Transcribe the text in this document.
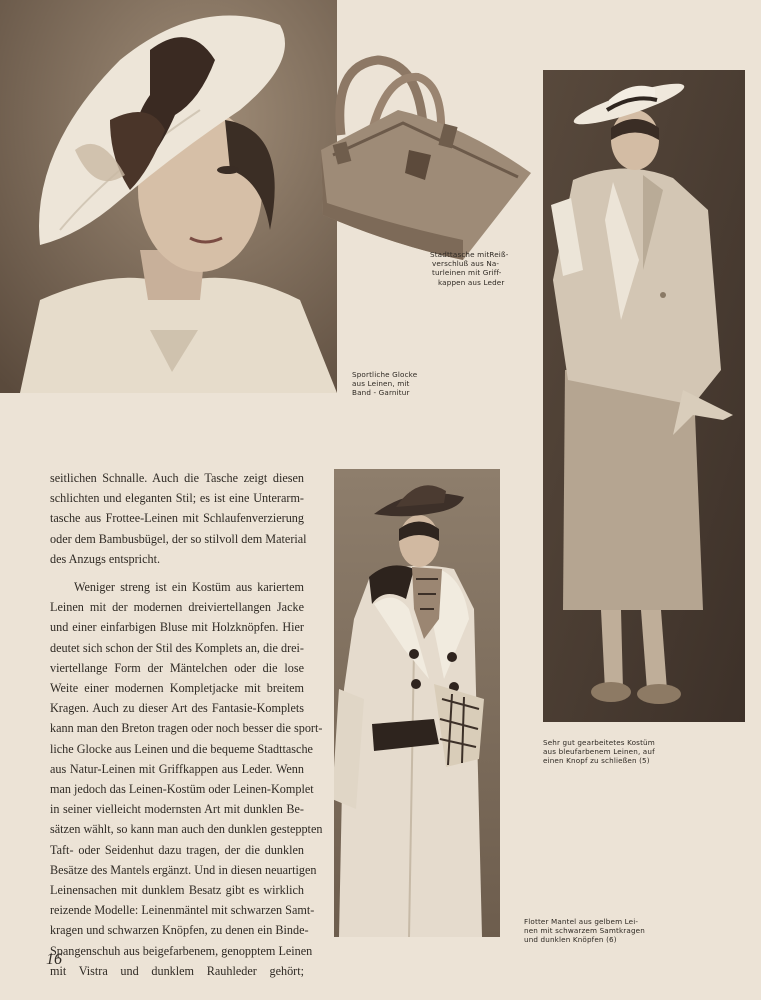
Stadttasche mitReiß-
verschluß aus Na-
turleinen mit Griff-
kappen aus Leder
Sportliche Glocke
aus Leinen, mit
Band - Garnitur
Sehr gut gearbeitetes Kostüm
aus bleufarbenem Leinen, auf
einen Knopf zu schließen (5)
Flotter Mantel aus gelbem Lei-
nen mit schwarzem Samtkragen
und dunklen Knöpfen (6)

seitlichen Schnalle. Auch die Tasche zeigt diesen
schlichten und eleganten Stil; es ist eine Unterarm-
tasche aus Frottee-Leinen mit Schlaufenverzierung
oder dem Bambusbügel, der so stilvoll dem Material
des Anzugs entspricht.

Weniger streng ist ein Kostüm aus kariertem
Leinen mit der modernen dreiviertellangen Jacke
und einer einfarbigen Bluse mit Holzknöpfen. Hier
deutet sich schon der Stil des Komplets an, die drei-
viertellange Form der Mäntelchen oder die lose
Weite einer modernen Kompletjacke mit breitem
Kragen. Auch zu dieser Art des Fantasie-Komplets
kann man den Breton tragen oder noch besser die sport-
liche Glocke aus Leinen und die bequeme Stadttasche
aus Natur-Leinen mit Griffkappen aus Leder. Wenn
man jedoch das Leinen-Kostüm oder Leinen-Komplet
in seiner vielleicht modernsten Art mit dunklen Be-
sätzen wählt, so kann man auch den dunklen gesteppten
Taft- oder Seidenhut dazu tragen, der die dunklen
Besätze des Mantels ergänzt. Und in diesen neuartigen
Leinensachen mit dunklem Besatz gibt es wirklich
reizende Modelle: Leinenmäntel mit schwarzen Samt-
kragen und schwarzen Knöpfen, zu denen ein Binde-
Spangenschuh aus beigefarbenem, genopptem Leinen
mit Vistra und dunklem Rauhleder gehört;

16
